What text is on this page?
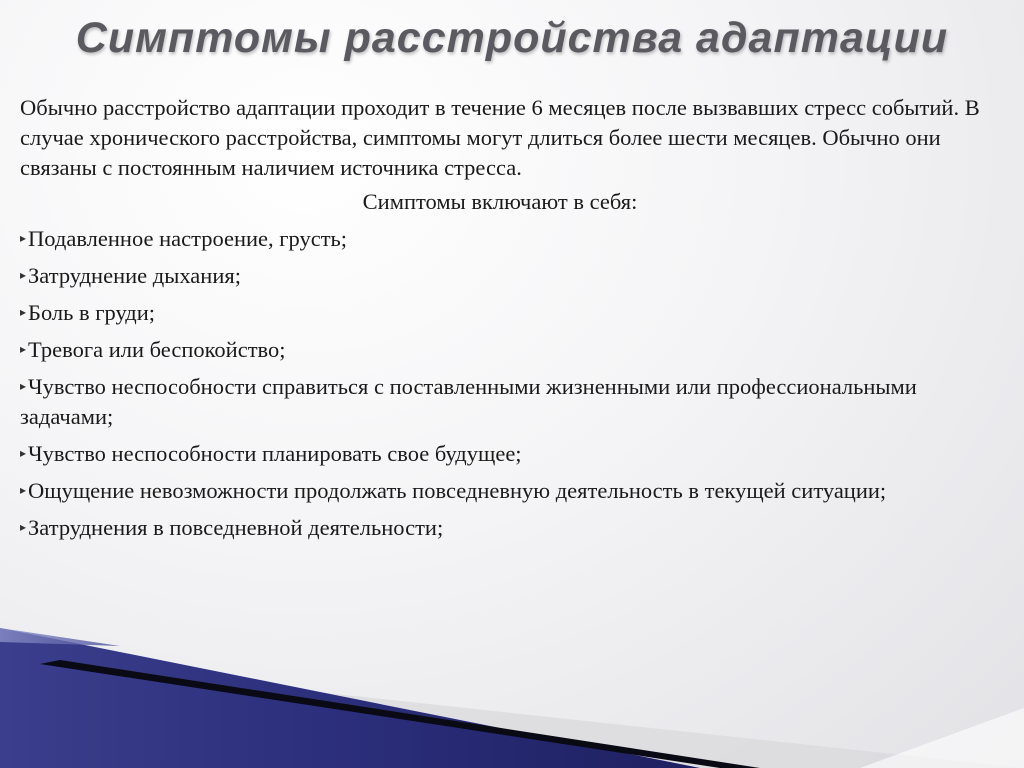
Симптомы расстройства адаптации

Обычно расстройство адаптации проходит в течение 6 месяцев после вызвавших стресс событий. В случае хронического расстройства, симптомы могут длиться более шести месяцев. Обычно они связаны с постоянным наличием источника стресса.

Симптомы включают в себя:

▸Подавленное настроение, грусть;
▸Затруднение дыхания;
▸Боль в груди;
▸Тревога или беспокойство;
▸Чувство неспособности справиться с поставленными жизненными или профессиональными задачами;
▸Чувство неспособности планировать свое будущее;
▸Ощущение невозможности продолжать повседневную деятельность в текущей ситуации;
▸Затруднения в повседневной деятельности;
